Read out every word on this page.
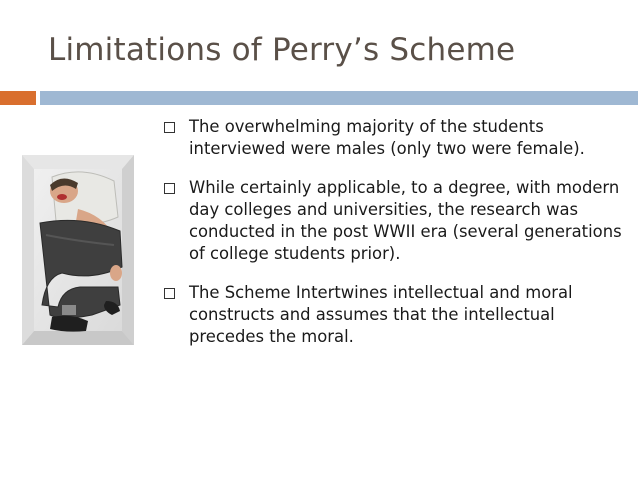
Limitations of Perry’s Scheme
The overwhelming majority of the students interviewed were males (only two were female).
While certainly applicable, to a degree, with modern day colleges and universities, the research was conducted in the post WWII era (several generations of college students prior).
The Scheme Intertwines intellectual and moral constructs and assumes that the intellectual precedes the moral.
